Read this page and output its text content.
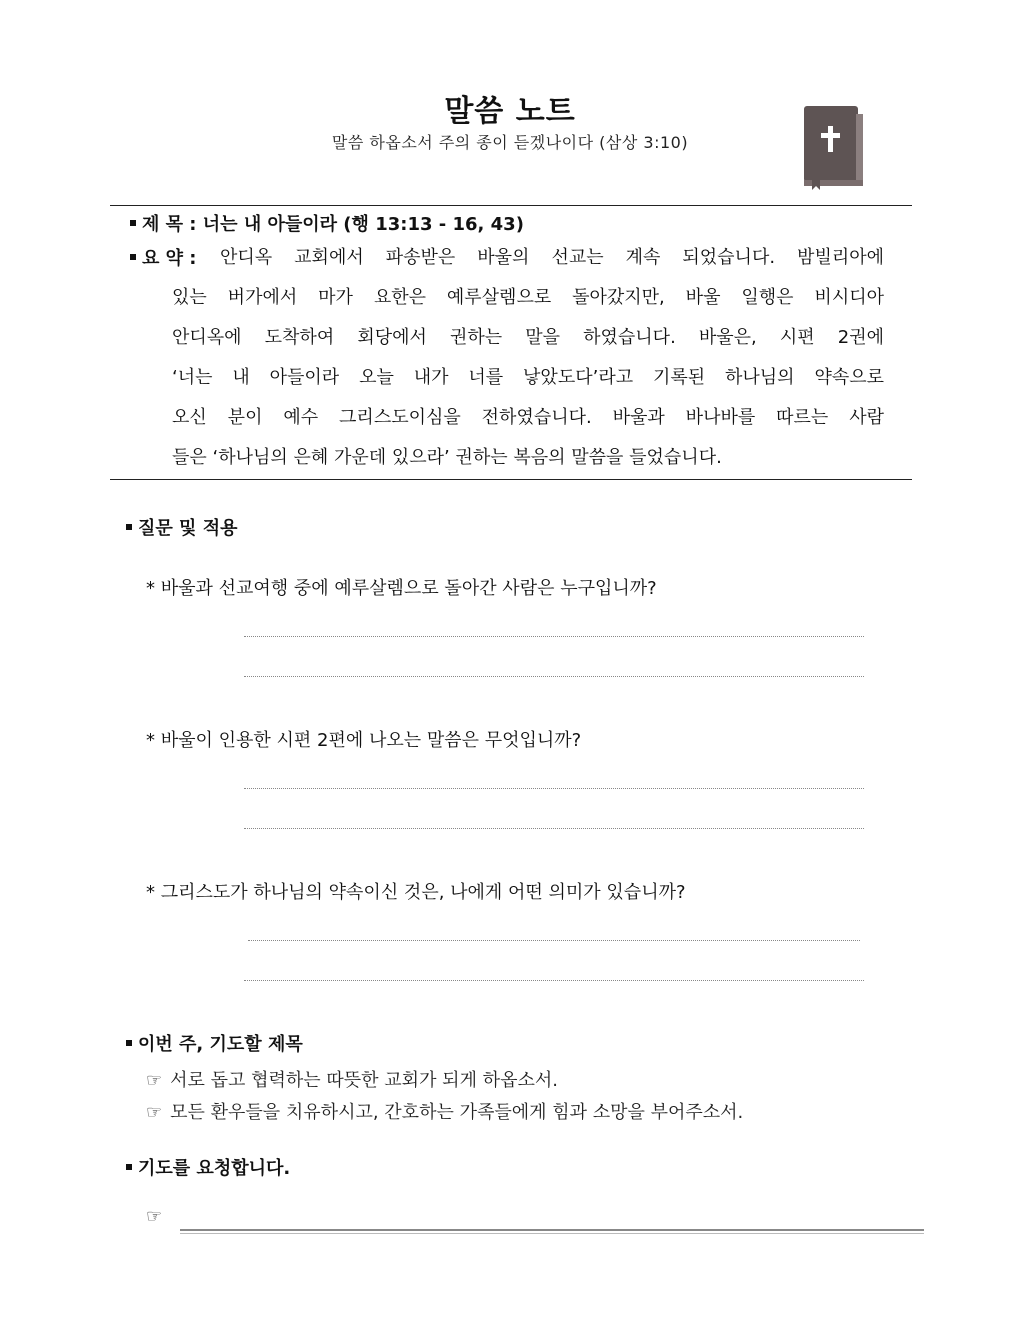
말씀 노트
말씀 하옵소서 주의 종이 듣겠나이다 (삼상 3:10)
제 목 : 너는 내 아들이라 (행 13:13 - 16, 43)
요 약 : 안디옥 교회에서 파송받은 바울의 선교는 계속 되었습니다. 밤빌리아에
있는 버가에서 마가 요한은 예루살렘으로 돌아갔지만, 바울 일행은 비시디아
안디옥에 도착하여 회당에서 권하는 말을 하였습니다. 바울은, 시편 2권에
‘너는 내 아들이라 오늘 내가 너를 낳았도다’라고 기록된 하나님의 약속으로
오신 분이 예수 그리스도이심을 전하였습니다. 바울과 바나바를 따르는 사람
들은 ‘하나님의 은혜 가운데 있으라’ 권하는 복음의 말씀을 들었습니다.
질문 및 적용
* 바울과 선교여행 중에 예루살렘으로 돌아간 사람은 누구입니까?
* 바울이 인용한 시편 2편에 나오는 말씀은 무엇입니까?
* 그리스도가 하나님의 약속이신 것은, 나에게 어떤 의미가 있습니까?
이번 주, 기도할 제목
☞ 서로 돕고 협력하는 따뜻한 교회가 되게 하옵소서.
☞ 모든 환우들을 치유하시고, 간호하는 가족들에게 힘과 소망을 부어주소서.
기도를 요청합니다.
☞
